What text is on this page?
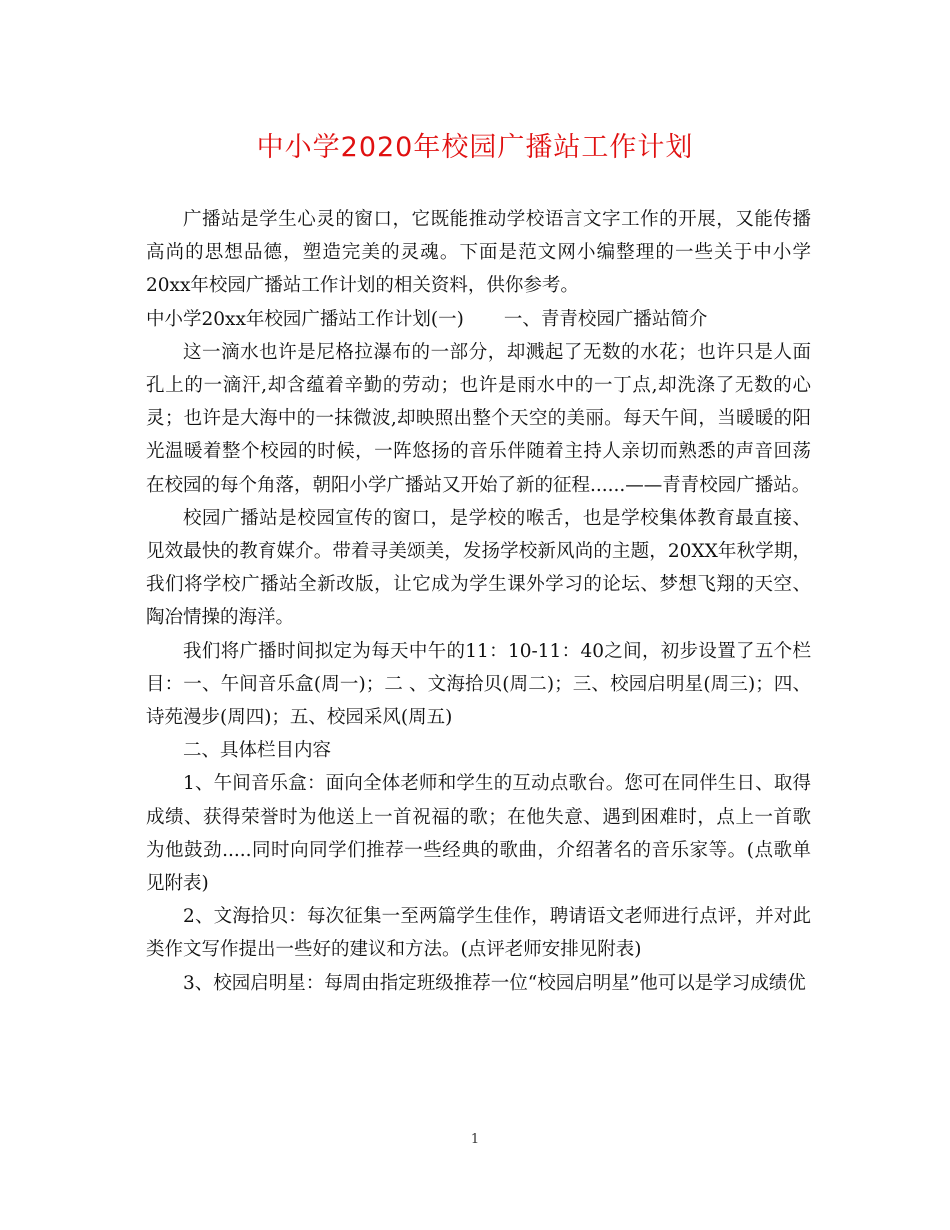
中小学2020年校园广播站工作计划

广播站是学生心灵的窗口，它既能推动学校语言文字工作的开展，又能传播高尚的思想品德，塑造完美的灵魂。下面是范文网小编整理的一些关于中小学20xx年校园广播站工作计划的相关资料，供你参考。

中小学20xx年校园广播站工作计划(一) 一、青青校园广播站简介

这一滴水也许是尼格拉瀑布的一部分，却溅起了无数的水花；也许只是人面孔上的一滴汗,却含蕴着辛勤的劳动；也许是雨水中的一丁点,却洗涤了无数的心灵；也许是大海中的一抹微波,却映照出整个天空的美丽。每天午间，当暖暖的阳光温暖着整个校园的时候，一阵悠扬的音乐伴随着主持人亲切而熟悉的声音回荡在校园的每个角落，朝阳小学广播站又开始了新的征程......——青青校园广播站。

校园广播站是校园宣传的窗口，是学校的喉舌，也是学校集体教育最直接、见效最快的教育媒介。带着寻美颂美，发扬学校新风尚的主题，20XX年秋学期，我们将学校广播站全新改版，让它成为学生课外学习的论坛、梦想飞翔的天空、陶冶情操的海洋。

我们将广播时间拟定为每天中午的11：10-11：40之间，初步设置了五个栏目：一、午间音乐盒(周一)；二 、文海拾贝(周二)；三、校园启明星(周三)；四、诗苑漫步(周四)；五、校园采风(周五)

二、具体栏目内容

1、午间音乐盒：面向全体老师和学生的互动点歌台。您可在同伴生日、取得成绩、获得荣誉时为他送上一首祝福的歌；在他失意、遇到困难时，点上一首歌为他鼓劲.....同时向同学们推荐一些经典的歌曲，介绍著名的音乐家等。(点歌单见附表)

2、文海拾贝：每次征集一至两篇学生佳作，聘请语文老师进行点评，并对此类作文写作提出一些好的建议和方法。(点评老师安排见附表)

3、校园启明星：每周由指定班级推荐一位“校园启明星”他可以是学习成绩优

1
